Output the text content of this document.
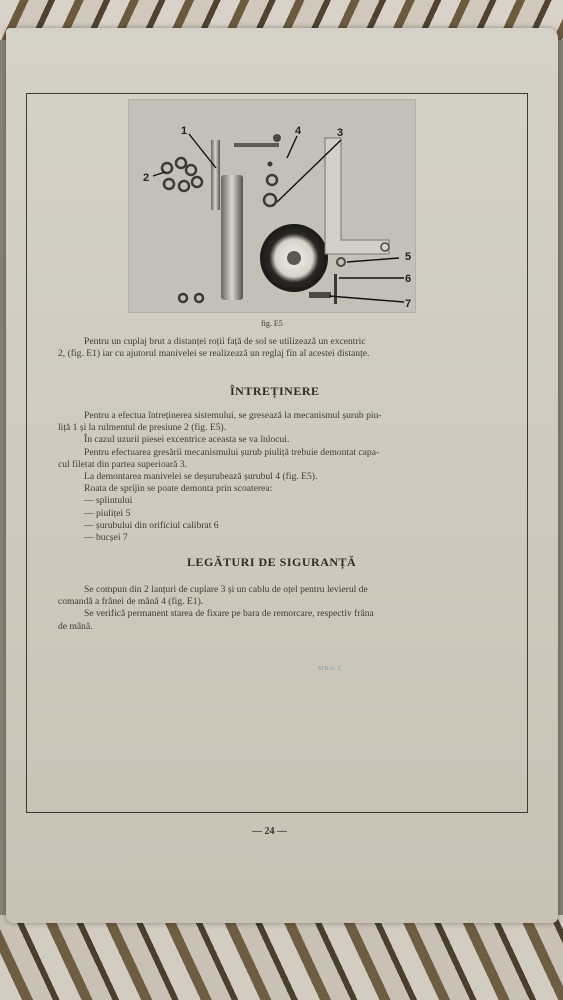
1
2
3
4
5
6
7
fig. E5
Pentru un cuplaj brut a distanței roții față de sol se utilizează un excentric
2, (fig. E1) iar cu ajutorul manivelei se realizează un reglaj fin al acestei distanțe.
ÎNTREȚINERE
Pentru a efectua întreținerea sistemului, se gresează la mecanismul șurub piu-
liță 1 și la rulmentul de presiune 2 (fig. E5).
În cazul uzurii piesei excentrice aceasta se va înlocui.
Pentru efectuarea gresării mecanismului șurub piuliță trebuie demontat capa-
cul filetat din partea superioară 3.
La demontarea manivelei se deșurubează șurubul 4 (fig. E5).
Roata de sprijin se poate demonta prin scoaterea:
— splintului
— piuliței 5
— șurubului din orificiul calibrat 6
— bucșei 7
LEGĂTURI DE SIGURANȚĂ
Se compun din 2 lanțuri de cuplare 3 și un cablu de oțel pentru levierul de
comandă a frânei de mână 4 (fig. E1).
Se verifică permanent starea de fixare pe bara de remorcare, respectiv frâna
de mână.
MBA.T. ..
— 24 —
